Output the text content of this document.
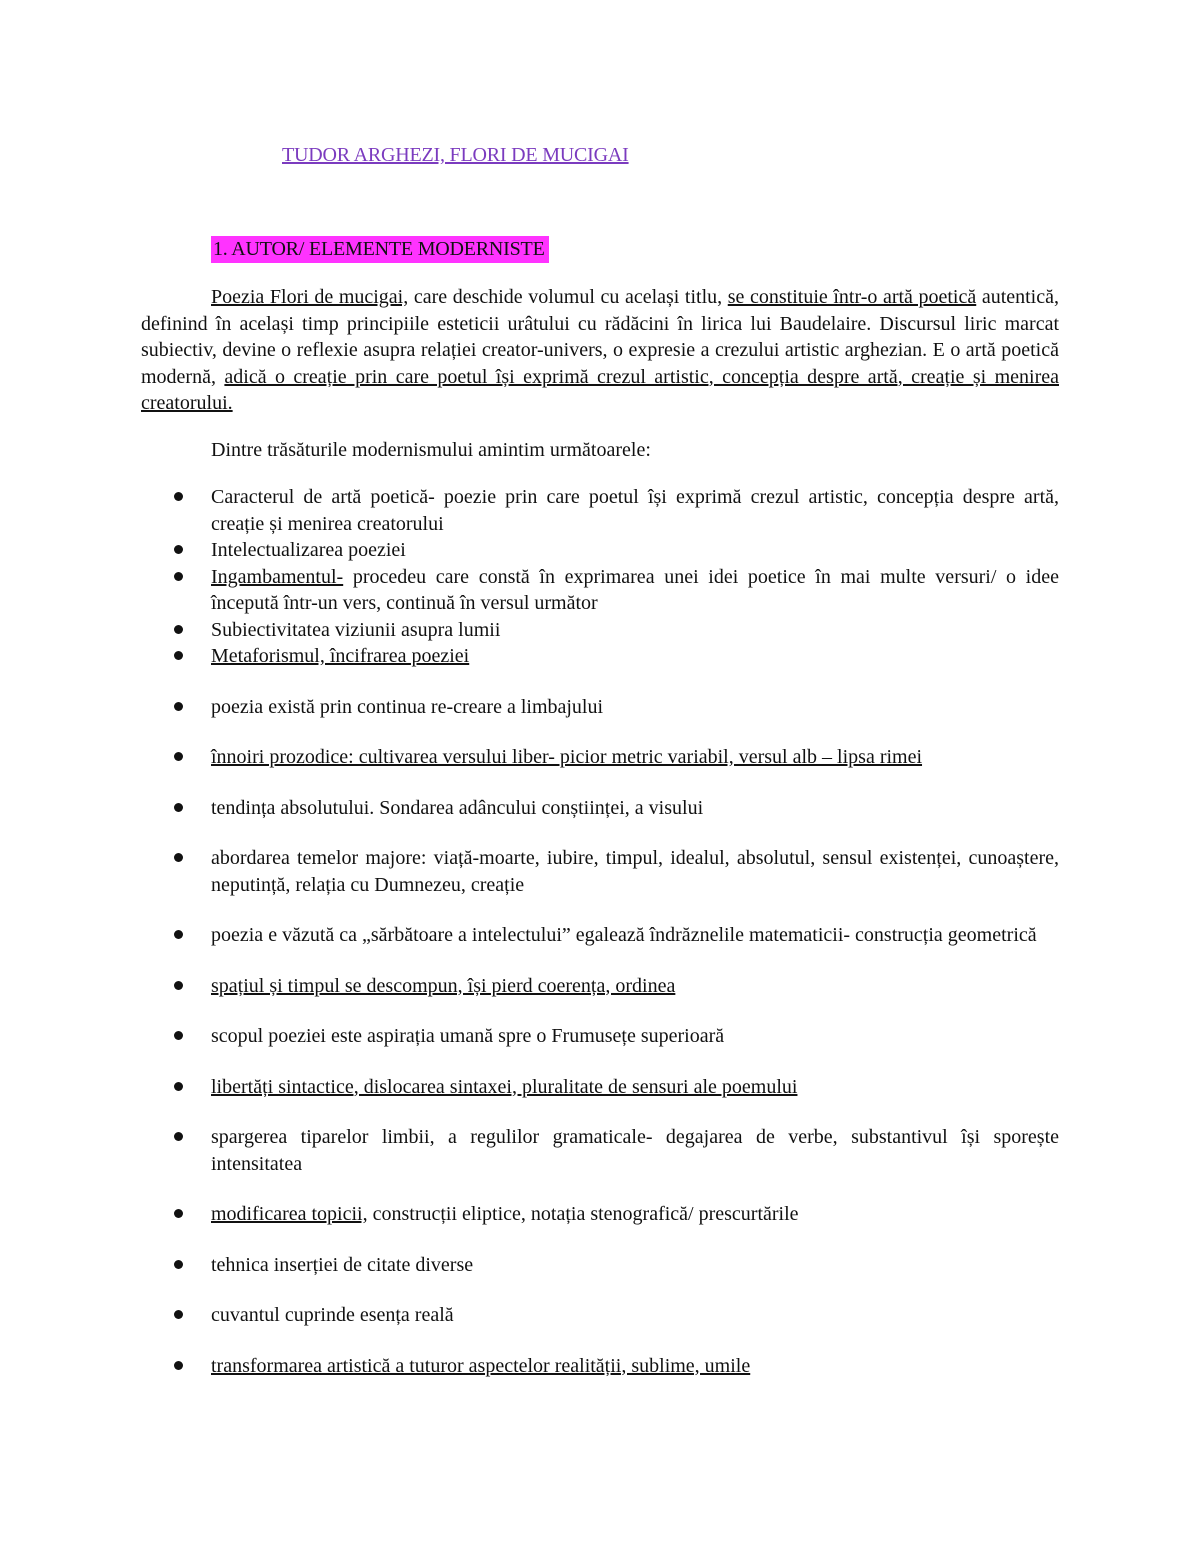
TUDOR ARGHEZI, FLORI DE MUCIGAI
1. AUTOR/ ELEMENTE MODERNISTE

Poezia Flori de mucigai, care deschide volumul cu același titlu, se constituie într-o artă poetică autentică, definind în același timp principiile esteticii urâtului cu rădăcini în lirica lui Baudelaire. Discursul liric marcat subiectiv, devine o reflexie asupra relației creator-univers, o expresie a crezului artistic arghezian. E o artă poetică modernă, adică o creație prin care poetul își exprimă crezul artistic, concepția despre artă, creație și menirea creatorului.

Dintre trăsăturile modernismului amintim următoarele:

Caracterul de artă poetică- poezie prin care poetul își exprimă crezul artistic, concepția despre artă, creație și menirea creatorului
Intelectualizarea poeziei
Ingambamentul- procedeu care constă în exprimarea unei idei poetice în mai multe versuri/ o idee începută într-un vers, continuă în versul următor
Subiectivitatea viziunii asupra lumii
Metaforismul, încifrarea poeziei
poezia există prin continua re-creare a limbajului
înnoiri prozodice: cultivarea versului liber- picior metric variabil, versul alb – lipsa rimei
tendința absolutului. Sondarea adâncului conștiinței, a visului
abordarea temelor majore: viață-moarte, iubire, timpul, idealul, absolutul, sensul existenței, cunoaștere, neputință, relația cu Dumnezeu, creație
poezia e văzută ca „sărbătoare a intelectului” egalează îndrăznelile matematicii- construcția geometrică
spațiul și timpul se descompun, își pierd coerența, ordinea
scopul poeziei este aspirația umană spre o Frumusețe superioară
libertăți sintactice, dislocarea sintaxei, pluralitate de sensuri ale poemului
spargerea tiparelor limbii, a regulilor gramaticale- degajarea de verbe, substantivul își sporește intensitatea
modificarea topicii, construcții eliptice, notația stenografică/ prescurtările
tehnica inserției de citate diverse
cuvantul cuprinde esența reală
transformarea artistică a tuturor aspectelor realității, sublime, umile
